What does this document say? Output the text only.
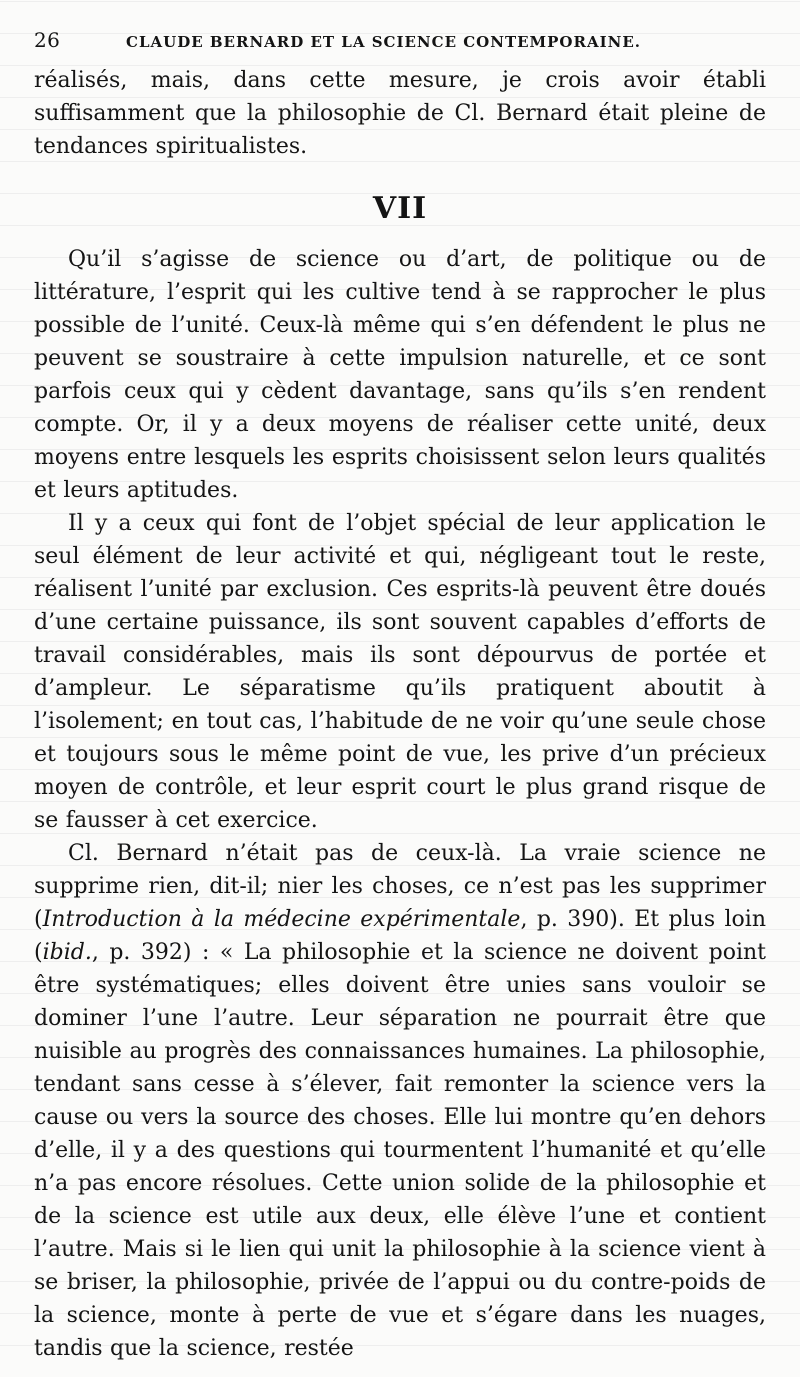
26	CLAUDE BERNARD ET LA SCIENCE CONTEMPORAINE.

réalisés, mais, dans cette mesure, je crois avoir établi suffisamment que la philosophie de Cl. Bernard était pleine de tendances spiritualistes.

VII

Qu’il s’agisse de science ou d’art, de politique ou de littérature, l’esprit qui les cultive tend à se rapprocher le plus possible de l’unité. Ceux-là même qui s’en défendent le plus ne peuvent se soustraire à cette impulsion naturelle, et ce sont parfois ceux qui y cèdent davantage, sans qu’ils s’en rendent compte. Or, il y a deux moyens de réaliser cette unité, deux moyens entre lesquels les esprits choisissent selon leurs qualités et leurs aptitudes.

Il y a ceux qui font de l’objet spécial de leur application le seul élément de leur activité et qui, négligeant tout le reste, réalisent l’unité par exclusion. Ces esprits-là peuvent être doués d’une certaine puissance, ils sont souvent capables d’efforts de travail considérables, mais ils sont dépourvus de portée et d’ampleur. Le séparatisme qu’ils pratiquent aboutit à l’isolement; en tout cas, l’habitude de ne voir qu’une seule chose et toujours sous le même point de vue, les prive d’un précieux moyen de contrôle, et leur esprit court le plus grand risque de se fausser à cet exercice.

Cl. Bernard n’était pas de ceux-là. La vraie science ne supprime rien, dit-il; nier les choses, ce n’est pas les supprimer (Introduction à la médecine expérimentale, p. 390). Et plus loin (ibid., p. 392) : « La philosophie et la science ne doivent point être systématiques; elles doivent être unies sans vouloir se dominer l’une l’autre. Leur séparation ne pourrait être que nuisible au progrès des connaissances humaines. La philosophie, tendant sans cesse à s’élever, fait remonter la science vers la cause ou vers la source des choses. Elle lui montre qu’en dehors d’elle, il y a des questions qui tourmentent l’humanité et qu’elle n’a pas encore résolues. Cette union solide de la philosophie et de la science est utile aux deux, elle élève l’une et contient l’autre. Mais si le lien qui unit la philosophie à la science vient à se briser, la philosophie, privée de l’appui ou du contre-poids de la science, monte à perte de vue et s’égare dans les nuages, tandis que la science, restée
